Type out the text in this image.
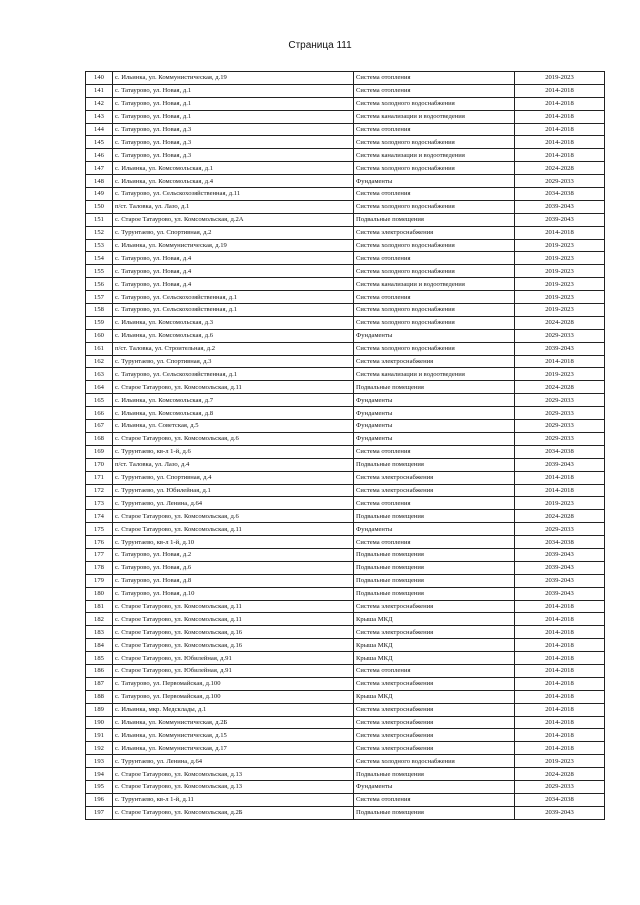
Страница 111
140	с. Ильинка, ул. Коммунистическая, д.19	Система отопления	2019-2023
141	с. Татаурово, ул. Новая, д.1	Система отопления	2014-2018
142	с. Татаурово, ул. Новая, д.1	Система холодного водоснабжения	2014-2018
143	с. Татаурово, ул. Новая, д.1	Система канализации и водоотведения	2014-2018
144	с. Татаурово, ул. Новая, д.3	Система отопления	2014-2018
145	с. Татаурово, ул. Новая, д.3	Система холодного водоснабжения	2014-2018
146	с. Татаурово, ул. Новая, д.3	Система канализации и водоотведения	2014-2018
147	с. Ильинка, ул. Комсомольская, д.1	Система холодного водоснабжения	2024-2028
148	с. Ильинка, ул. Комсомольская, д.4	Фундаменты	2029-2033
149	с. Татаурово, ул. Сельскохозяйственная, д.11	Система отопления	2034-2038
150	п/ст. Таловка, ул. Лазо, д.1	Система холодного водоснабжения	2039-2043
151	с. Старое Татаурово, ул. Комсомольская, д.2А	Подвальные помещения	2039-2043
152	с. Турунтаево, ул. Спортивная, д.2	Система электроснабжения	2014-2018
153	с. Ильинка, ул. Коммунистическая, д.19	Система холодного водоснабжения	2019-2023
154	с. Татаурово, ул. Новая, д.4	Система отопления	2019-2023
155	с. Татаурово, ул. Новая, д.4	Система холодного водоснабжения	2019-2023
156	с. Татаурово, ул. Новая, д.4	Система канализации и водоотведения	2019-2023
157	с. Татаурово, ул. Сельскохозяйственная, д.1	Система отопления	2019-2023
158	с. Татаурово, ул. Сельскохозяйственная, д.1	Система холодного водоснабжения	2019-2023
159	с. Ильинка, ул. Комсомольская, д.3	Система холодного водоснабжения	2024-2028
160	с. Ильинка, ул. Комсомольская, д.6	Фундаменты	2029-2033
161	п/ст. Таловка, ул. Строительная, д.2	Система холодного водоснабжения	2039-2043
162	с. Турунтаево, ул. Спортивная, д.3	Система электроснабжения	2014-2018
163	с. Татаурово, ул. Сельскохозяйственная, д.1	Система канализации и водоотведения	2019-2023
164	с. Старое Татаурово, ул. Комсомольская, д.11	Подвальные помещения	2024-2028
165	с. Ильинка, ул. Комсомольская, д.7	Фундаменты	2029-2033
166	с. Ильинка, ул. Комсомольская, д.8	Фундаменты	2029-2033
167	с. Ильинка, ул. Советская, д.5	Фундаменты	2029-2033
168	с. Старое Татаурово, ул. Комсомольская, д.6	Фундаменты	2029-2033
169	с. Турунтаево, кв-л 1-й, д.6	Система отопления	2034-2038
170	п/ст. Таловка, ул. Лазо, д.4	Подвальные помещения	2039-2043
171	с. Турунтаево, ул. Спортивная, д.4	Система электроснабжения	2014-2018
172	с. Турунтаево, ул. Юбилейная, д.1	Система электроснабжения	2014-2018
173	с. Турунтаево, ул. Ленина, д.64	Система отопления	2019-2023
174	с. Старое Татаурово, ул. Комсомольская, д.6	Подвальные помещения	2024-2028
175	с. Старое Татаурово, ул. Комсомольская, д.11	Фундаменты	2029-2033
176	с. Турунтаево, кв-л 1-й, д.10	Система отопления	2034-2038
177	с. Татаурово, ул. Новая, д.2	Подвальные помещения	2039-2043
178	с. Татаурово, ул. Новая, д.6	Подвальные помещения	2039-2043
179	с. Татаурово, ул. Новая, д.8	Подвальные помещения	2039-2043
180	с. Татаурово, ул. Новая, д.10	Подвальные помещения	2039-2043
181	с. Старое Татаурово, ул. Комсомольская, д.11	Система электроснабжения	2014-2018
182	с. Старое Татаурово, ул. Комсомольская, д.11	Крыша МКД	2014-2018
183	с. Старое Татаурово, ул. Комсомольская, д.16	Система электроснабжения	2014-2018
184	с. Старое Татаурово, ул. Комсомольская, д.16	Крыша МКД	2014-2018
185	с. Старое Татаурово, ул. Юбилейная, д.91	Крыша МКД	2014-2018
186	с. Старое Татаурово, ул. Юбилейная, д.91	Система отопления	2014-2018
187	с. Татаурово, ул. Первомайская, д.100	Система электроснабжения	2014-2018
188	с. Татаурово, ул. Первомайская, д.100	Крыша МКД	2014-2018
189	с. Ильинка, мкр. Медсклады, д.1	Система электроснабжения	2014-2018
190	с. Ильинка, ул. Коммунистическая, д.2Б	Система электроснабжения	2014-2018
191	с. Ильинка, ул. Коммунистическая, д.15	Система электроснабжения	2014-2018
192	с. Ильинка, ул. Коммунистическая, д.17	Система электроснабжения	2014-2018
193	с. Турунтаево, ул. Ленина, д.64	Система холодного водоснабжения	2019-2023
194	с. Старое Татаурово, ул. Комсомольская, д.13	Подвальные помещения	2024-2028
195	с. Старое Татаурово, ул. Комсомольская, д.13	Фундаменты	2029-2033
196	с. Турунтаево, кв-л 1-й, д.11	Система отопления	2034-2038
197	с. Старое Татаурово, ул. Комсомольская, д.2Б	Подвальные помещения	2039-2043
